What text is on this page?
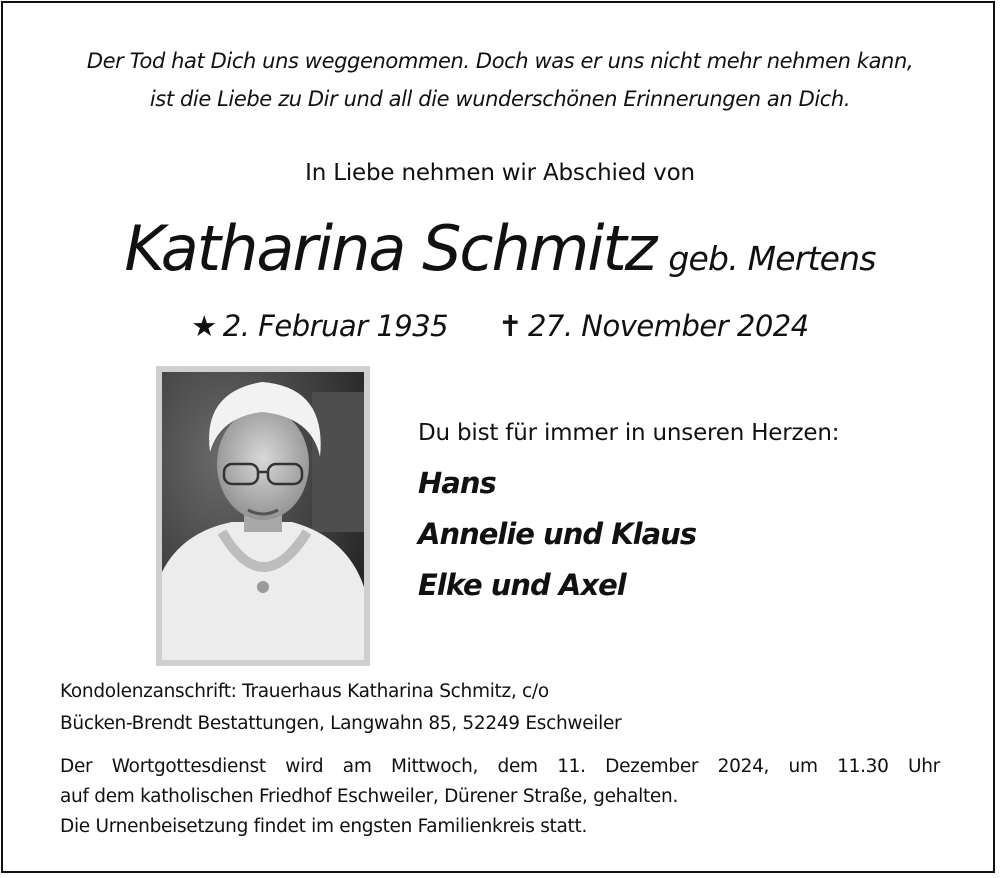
Der Tod hat Dich uns weggenommen. Doch was er uns nicht mehr nehmen kann,
ist die Liebe zu Dir und all die wunderschönen Erinnerungen an Dich.
In Liebe nehmen wir Abschied von
Katharina Schmitz geb. Mertens
★ 2. Februar 1935 ✝ 27. November 2024
Du bist für immer in unseren Herzen:
Hans
Annelie und Klaus
Elke und Axel
Kondolenzanschrift: Trauerhaus Katharina Schmitz, c/o
Bücken-Brendt Bestattungen, Langwahn 85, 52249 Eschweiler
Der Wortgottesdienst wird am Mittwoch, dem 11. Dezember 2024, um 11.30 Uhr
auf dem katholischen Friedhof Eschweiler, Dürener Straße, gehalten.
Die Urnenbeisetzung findet im engsten Familienkreis statt.
